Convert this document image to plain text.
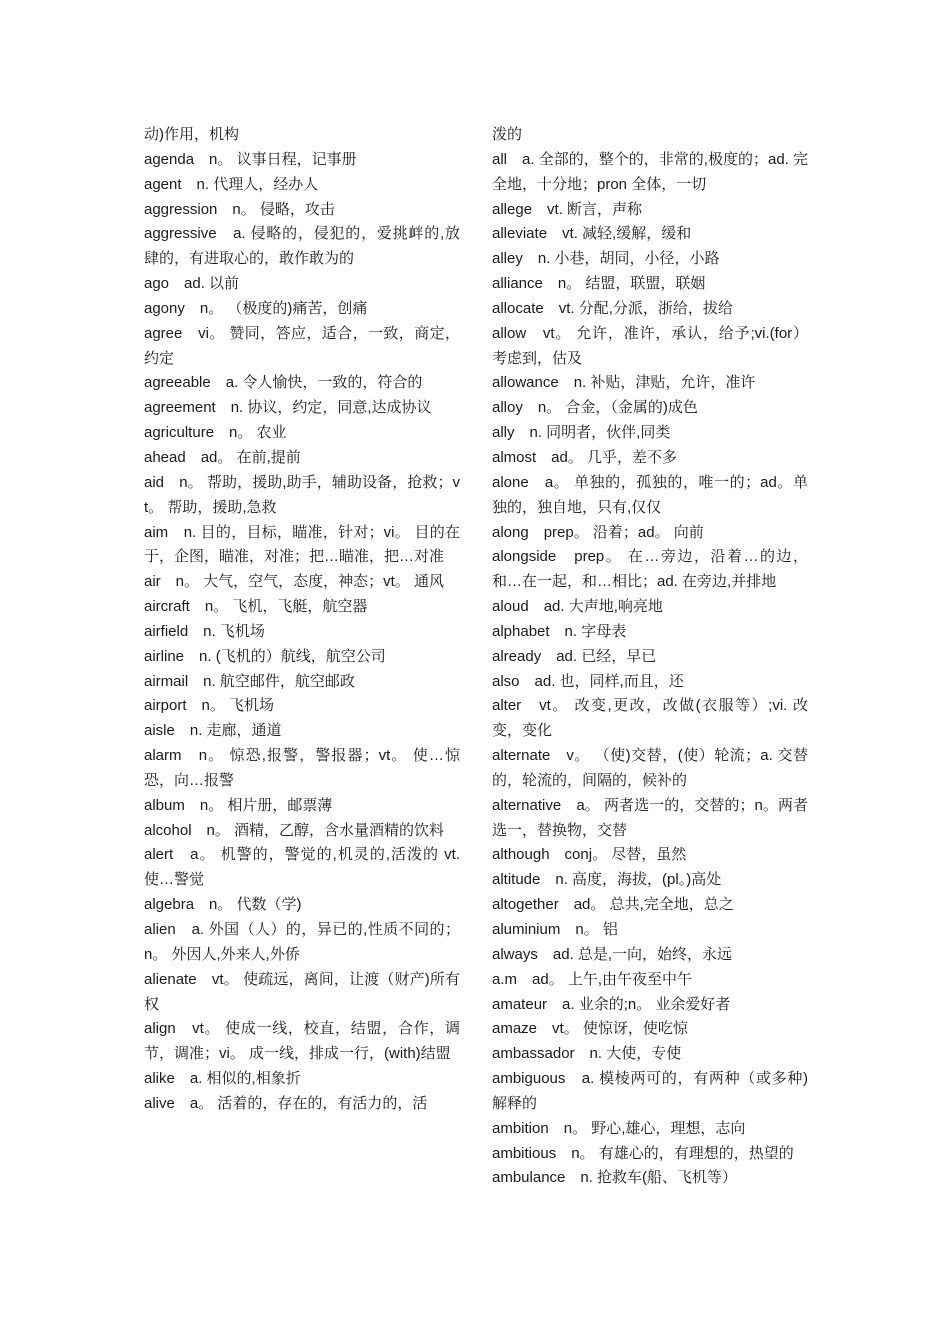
动)作用，机构

agenda　n。 议事日程，记事册

agent　n. 代理人，经办人

aggression　n。 侵略，攻击

aggressive　a. 侵略的，侵犯的，爱挑衅的,放肆的，有进取心的，敢作敢为的

ago　ad. 以前

agony　n。 （极度的)痛苦，创痛

agree　vi。 赞同，答应，适合，一致，商定，约定

agreeable　a. 令人愉快，一致的，符合的

agreement　n. 协议，约定，同意,达成协议

agriculture　n。 农业

ahead　ad。 在前,提前

aid　n。 帮助，援助,助手，辅助设备，抢救；vt。 帮助，援助,急救

aim　n. 目的，目标，瞄准，针对；vi。 目的在于，企图，瞄准，对准；把…瞄准，把…对准

air　n。 大气，空气，态度，神态；vt。 通风

aircraft　n。 飞机，飞艇，航空器

airfield　n. 飞机场

airline　n. (飞机的）航线，航空公司

airmail　n. 航空邮件，航空邮政

airport　n。 飞机场

aisle　n. 走廊，通道

alarm　n。 惊恐,报警，警报器；vt。 使…惊恐，向…报警

album　n。 相片册，邮票薄

alcohol　n。 酒精，乙醇，含水量酒精的饮料

alert　a。 机警的，警觉的,机灵的,活泼的 vt. 使…警觉

algebra　n。 代数（学)

alien　a. 外国（人）的，异已的,性质不同的；n。 外因人,外来人,外侨

alienate　vt。 使疏远，离间，让渡（财产)所有权

align　vt。 使成一线，校直，结盟，合作，调节，调准；vi。 成一线，排成一行，(with)结盟

alike　a. 相似的,相象折

alive　a。 活着的，存在的，有活力的，活

泼的

all　a. 全部的，整个的，非常的,极度的；ad. 完全地，十分地；pron 全体，一切

allege　vt. 断言，声称

alleviate　vt. 减轻,缓解，缓和

alley　n. 小巷，胡同，小径，小路

alliance　n。 结盟，联盟，联姻

allocate　vt. 分配,分派，浙给，拔给

allow　vt。 允许，准许，承认，给予;vi.(for）考虑到，估及

allowance　n. 补贴，津贴，允许，准许

alloy　n。 合金，（金属的)成色

ally　n. 同明者，伙伴,同类

almost　ad。 几乎，差不多

alone　a。 单独的，孤独的，唯一的；ad。单独的，独自地，只有,仅仅

along　prep。 沿着；ad。 向前

alongside　prep。 在…旁边，沿着…的边，和…在一起，和…相比；ad. 在旁边,并排地

aloud　ad. 大声地,响亮地

alphabet　n. 字母表

already　ad. 已经，早已

also　ad. 也，同样,而且，还

alter　vt。 改变,更改，改做(衣服等）;vi. 改变，变化

alternate　v。 （使)交替，(使）轮流；a. 交替的，轮流的，间隔的，候补的

alternative　a。 两者选一的，交替的；n。两者选一，替换物，交替

although　conj。 尽替，虽然

altitude　n. 高度，海拔，(pl。)高处

altogether　ad。 总共,完全地，总之

aluminium　n。 铝

always　ad. 总是,一向，始终，永远

a.m　ad。 上午,由午夜至中午

amateur　a. 业余的;n。 业余爱好者

amaze　vt。 使惊讶，使吃惊

ambassador　n. 大使，专使

ambiguous　a. 模棱两可的，有两种（或多种)解释的

ambition　n。 野心,雄心，理想，志向

ambitious　n。 有雄心的，有理想的，热望的

ambulance　n. 抢救车(船、飞机等）
